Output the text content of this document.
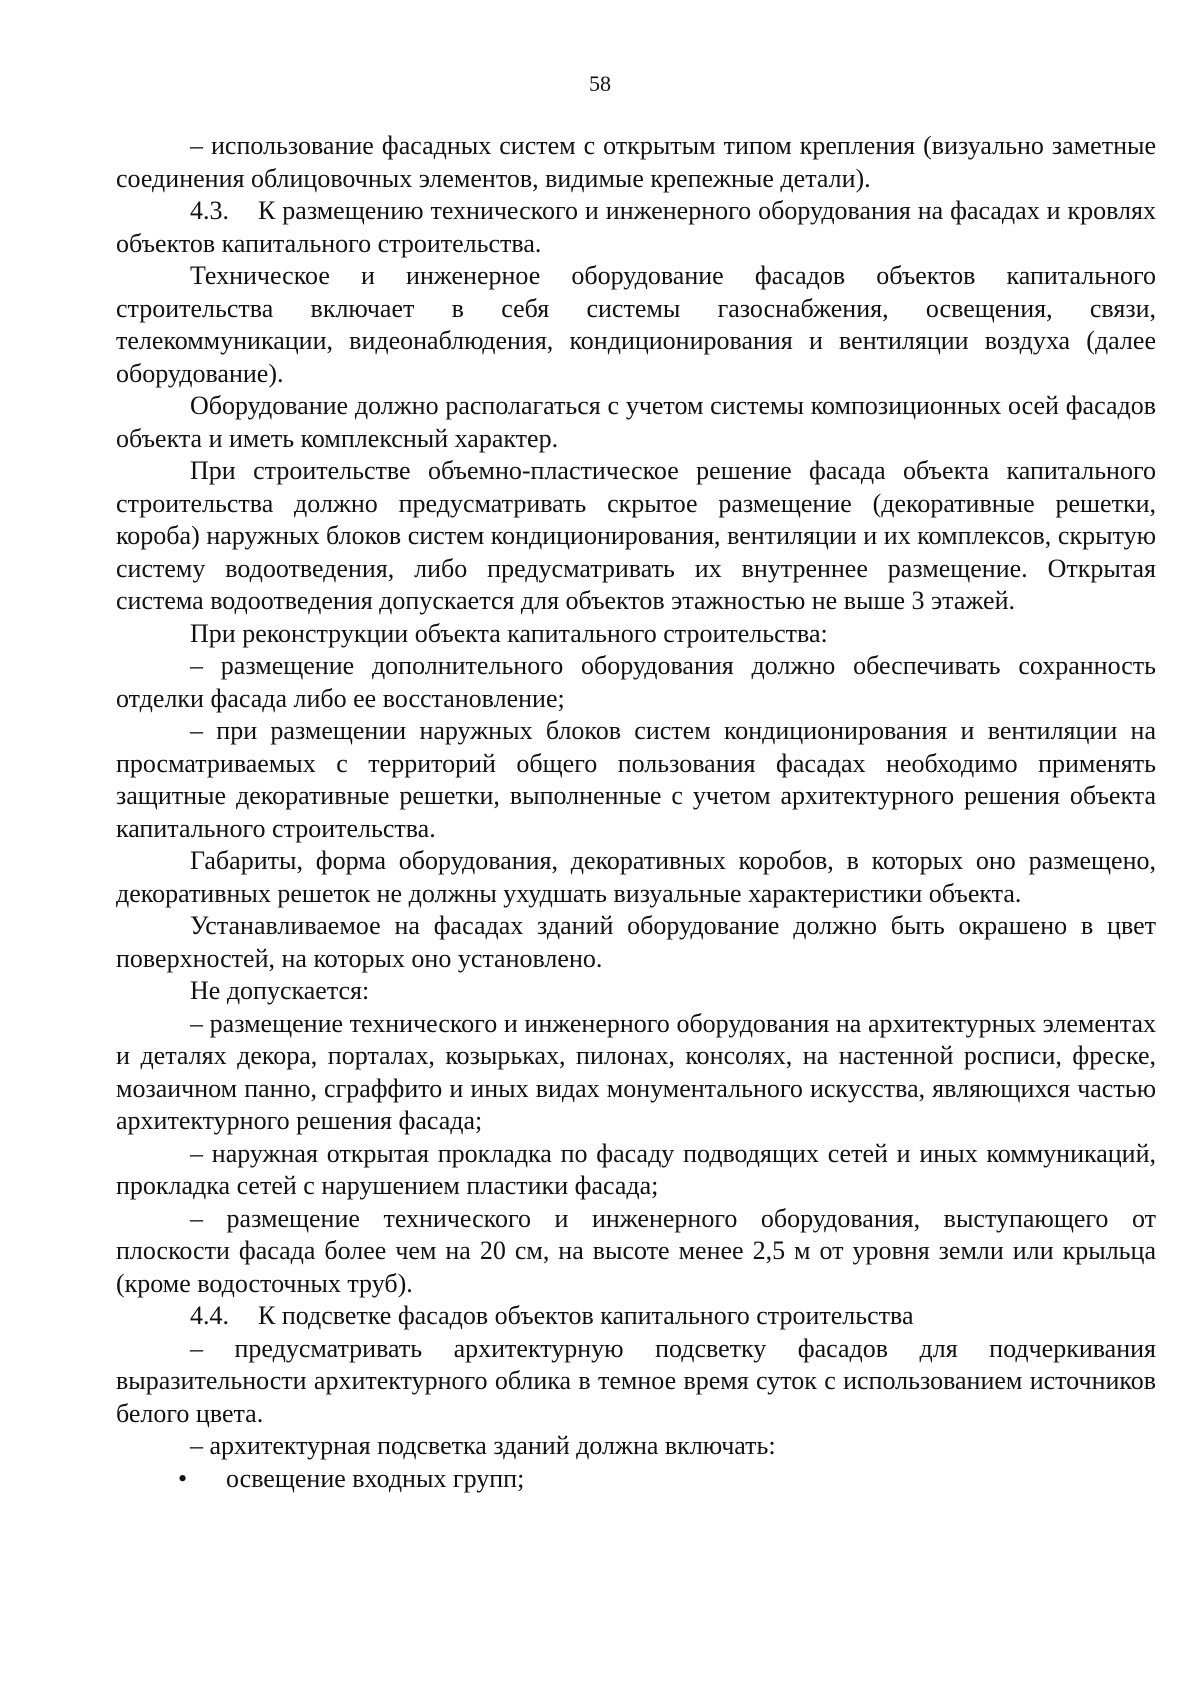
58

– использование фасадных систем с открытым типом крепления (визуально заметные соединения облицовочных элементов, видимые крепежные детали).

4.3. К размещению технического и инженерного оборудования на фасадах и кровлях объектов капитального строительства.

Техническое и инженерное оборудование фасадов объектов капитального строительства включает в себя системы газоснабжения, освещения, связи, телекоммуникации, видеонаблюдения, кондиционирования и вентиляции воздуха (далее оборудование).

Оборудование должно располагаться с учетом системы композиционных осей фасадов объекта и иметь комплексный характер.

При строительстве объемно-пластическое решение фасада объекта капитального строительства должно предусматривать скрытое размещение (декоративные решетки, короба) наружных блоков систем кондиционирования, вентиляции и их комплексов, скрытую систему водоотведения, либо предусматривать их внутреннее размещение. Открытая система водоотведения допускается для объектов этажностью не выше 3 этажей.

При реконструкции объекта капитального строительства:

– размещение дополнительного оборудования должно обеспечивать сохранность отделки фасада либо ее восстановление;

– при размещении наружных блоков систем кондиционирования и вентиляции на просматриваемых с территорий общего пользования фасадах необходимо применять защитные декоративные решетки, выполненные с учетом архитектурного решения объекта капитального строительства.

Габариты, форма оборудования, декоративных коробов, в которых оно размещено, декоративных решеток не должны ухудшать визуальные характеристики объекта.

Устанавливаемое на фасадах зданий оборудование должно быть окрашено в цвет поверхностей, на которых оно установлено.

Не допускается:

– размещение технического и инженерного оборудования на архитектурных элементах и деталях декора, порталах, козырьках, пилонах, консолях, на настенной росписи, фреске, мозаичном панно, сграффито и иных видах монументального искусства, являющихся частью архитектурного решения фасада;

– наружная открытая прокладка по фасаду подводящих сетей и иных коммуникаций, прокладка сетей с нарушением пластики фасада;

– размещение технического и инженерного оборудования, выступающего от плоскости фасада более чем на 20 см, на высоте менее 2,5 м от уровня земли или крыльца (кроме водосточных труб).

4.4. К подсветке фасадов объектов капитального строительства

– предусматривать архитектурную подсветку фасадов для подчеркивания выразительности архитектурного облика в темное время суток с использованием источников белого цвета.

– архитектурная подсветка зданий должна включать:

• освещение входных групп;
